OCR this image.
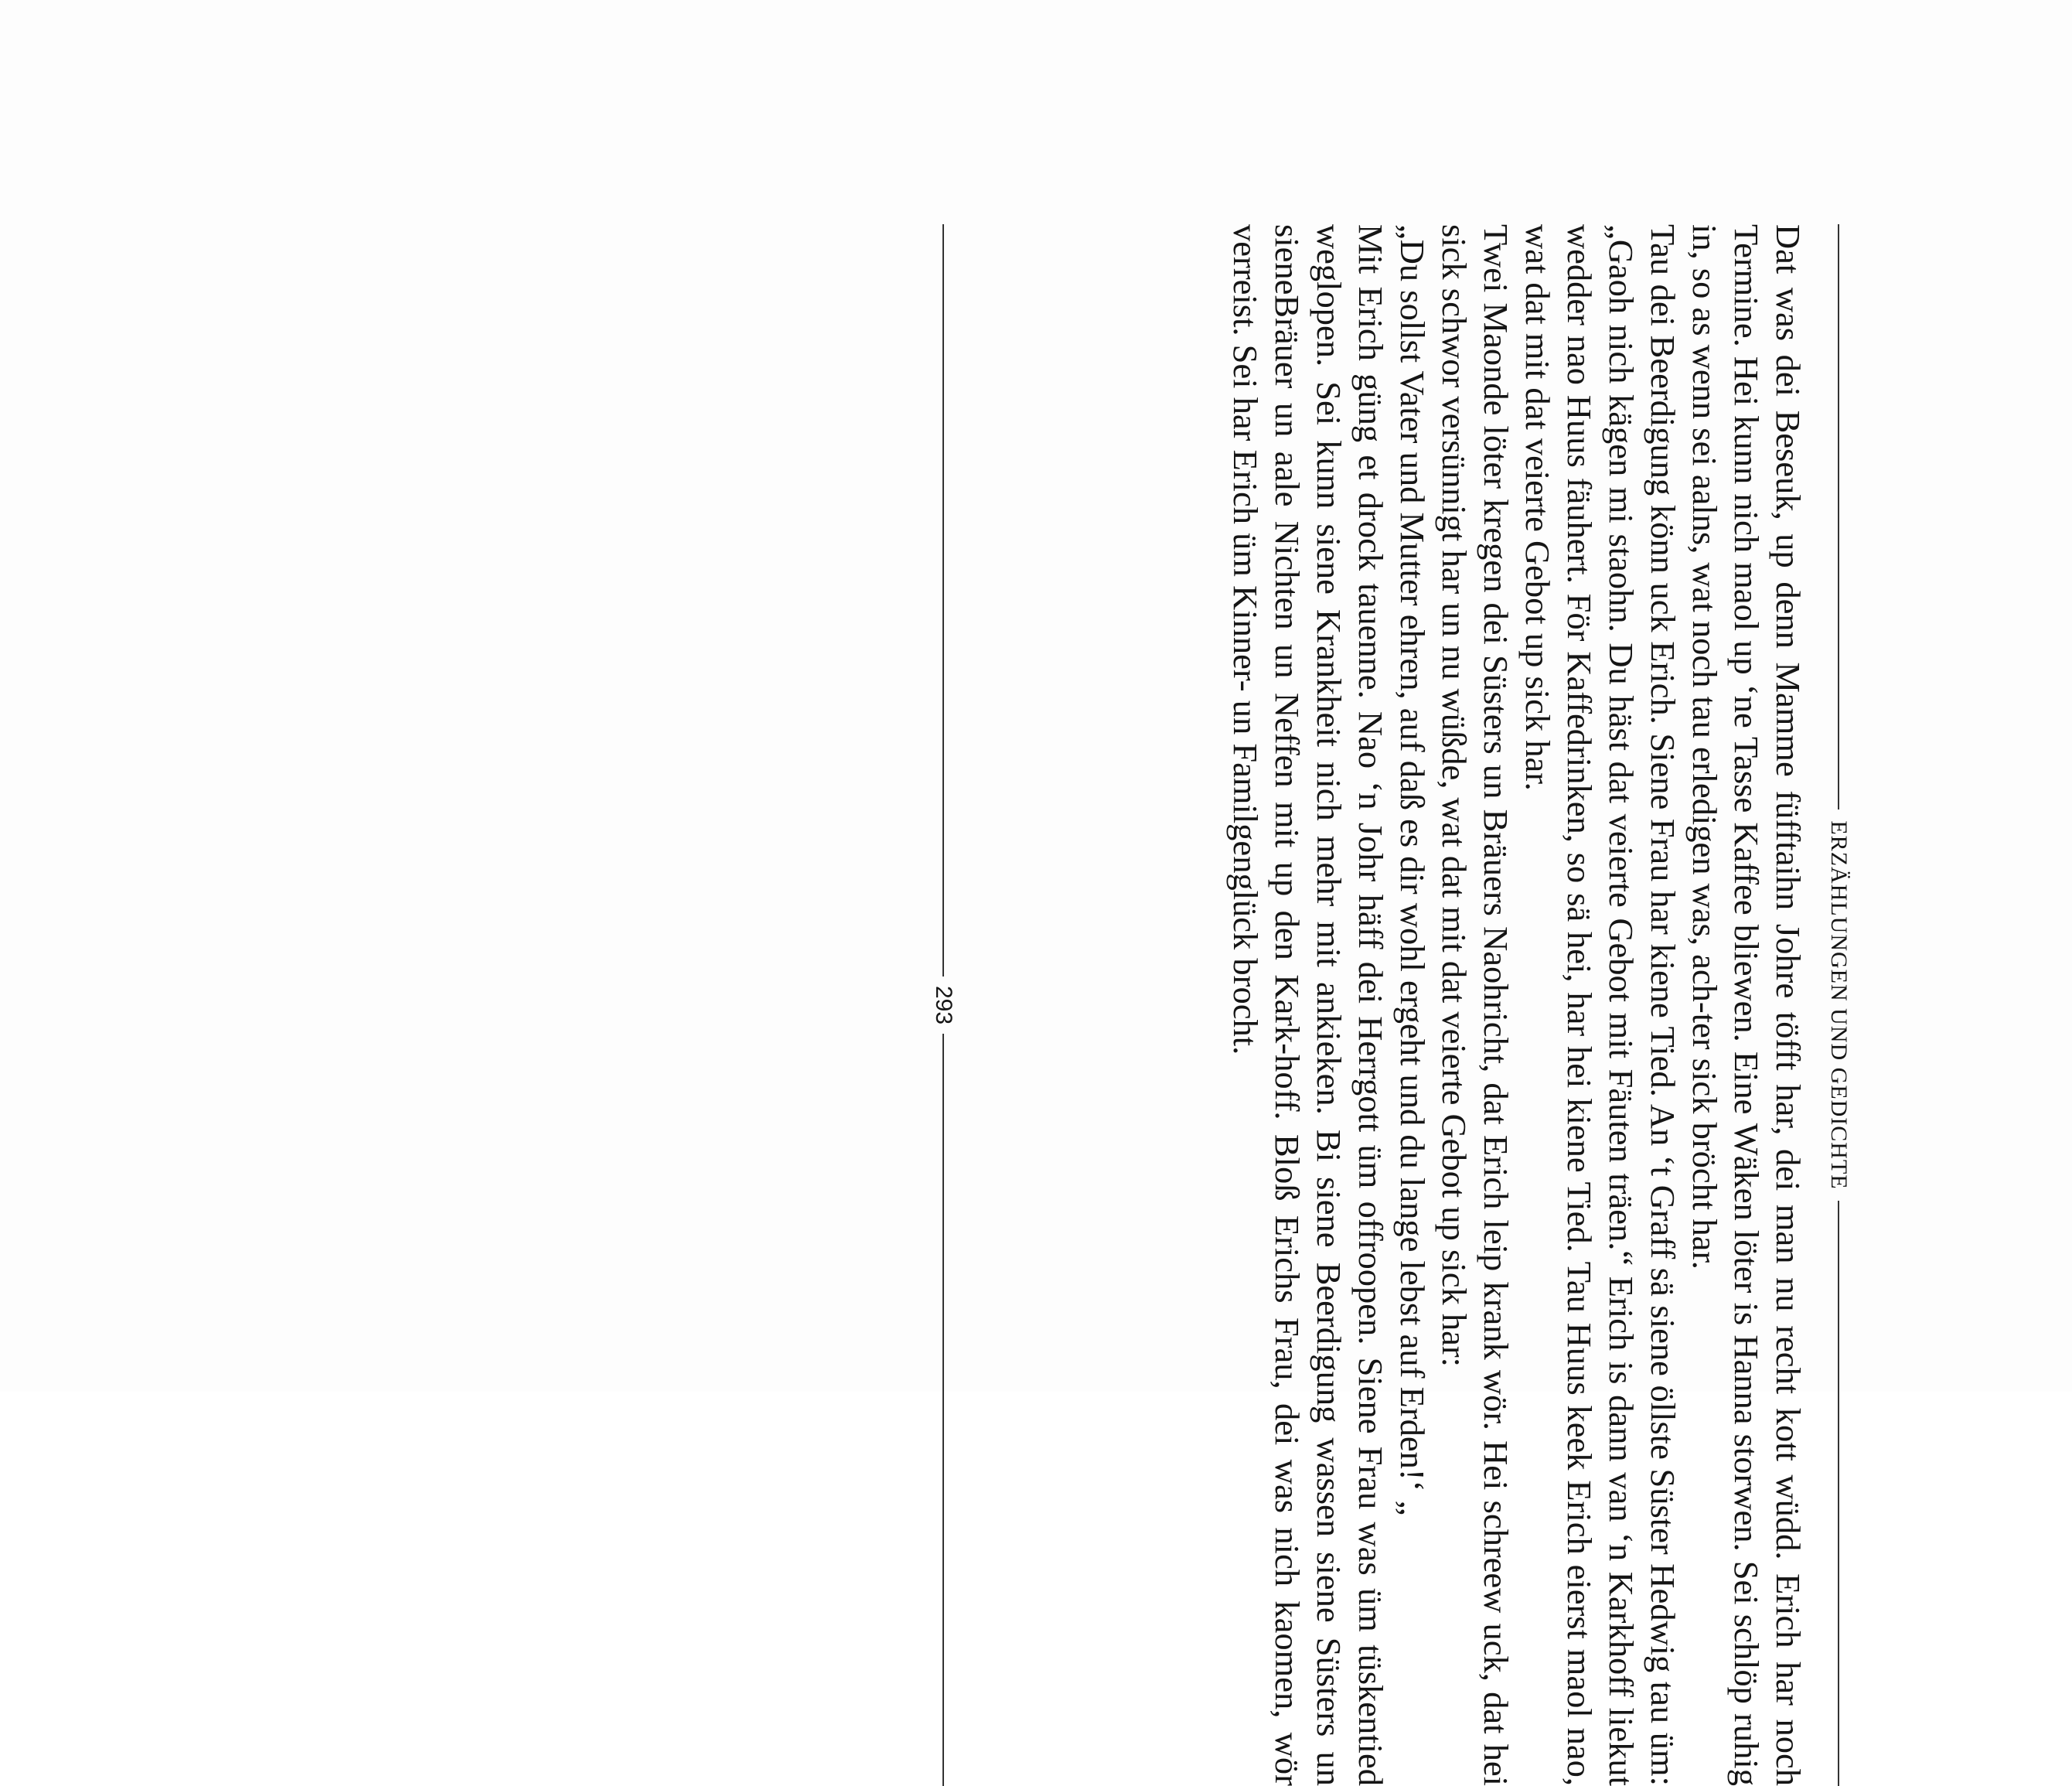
ERZÄHLUNGEN UND GEDICHTE

Dat was dei Beseuk, up denn Mamme füfftaihn Johre töfft har, dei man nu recht kott wüdd. Erich har noch Termine. Hei kunn nich maol up ‘ne Tasse Kaffee bliewen. Eine Wäken löter is Hanna storwen. Sei schlöp ruhig in, so as wenn sei aalns, wat noch tau erledigen was, ach-ter sick bröcht har.

Tau dei Beerdigung könn uck Erich. Siene Frau har kiene Tied. An ‘t Graff sä siene öllste Süster Hedwig tau üm: „Gaoh nich kägen mi staohn. Du häst dat veierte Gebot mit Fäuten träen.“ Erich is dann van ‘n Karkhoff liekut wedder nao Huus fäuhert. För Kaffedrinken, so sä hei, har hei kiene Tied. Tau Huus keek Erich eierst maol nao, wat dat mit dat veierte Gebot up sick har.

Twei Maonde löter kregen dei Süsters un Bräuers Naohricht, dat Erich leip krank wör. Hei schreew uck, dat hei sick schwor versünnigt har un nu wüßde, wat dat mit dat veierte Gebot up sick har:

„Du sollst Vater und Mutter ehren, auf daß es dir wohl ergeht und du lange lebst auf Erden!‘ „

Mit Erich güng et drock tauenne. Nao ‘n Johr häff dei Herrgott üm offroopen. Siene Frau was üm tüskentied weglopen. Sei kunn siene Krankheit nich mehr mit ankieken. Bi siene Beerdigung wassen siene Süsters un sieneBräuer un aale Nichten un Neffen mit up den Kark-hoff. Bloß Erichs Frau, dei was nich kaomen, wör verreist. Sei har Erich üm Kinner- un Familgenglück brocht.

293
